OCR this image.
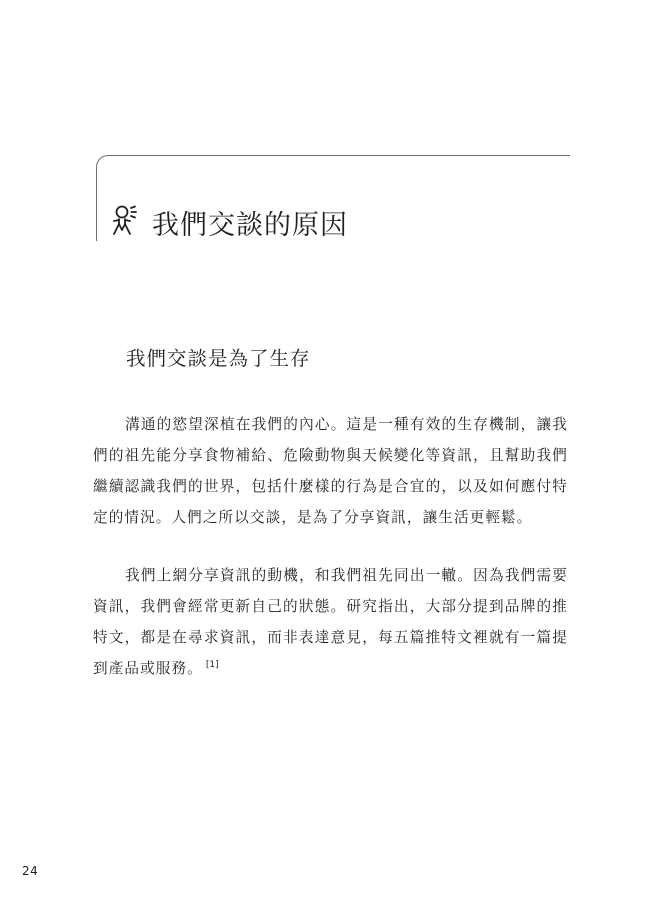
我們交談的原因
我們交談是為了生存

溝通的慾望深植在我們的內心。這是一種有效的生存機制，讓我們的祖先能分享食物補給、危險動物與天候變化等資訊，且幫助我們繼續認識我們的世界，包括什麼樣的行為是合宜的，以及如何應付特定的情況。人們之所以交談，是為了分享資訊，讓生活更輕鬆。

我們上網分享資訊的動機，和我們祖先同出一轍。因為我們需要資訊，我們會經常更新自己的狀態。研究指出，大部分提到品牌的推特文，都是在尋求資訊，而非表達意見，每五篇推特文裡就有一篇提到產品或服務。 [1]

24
